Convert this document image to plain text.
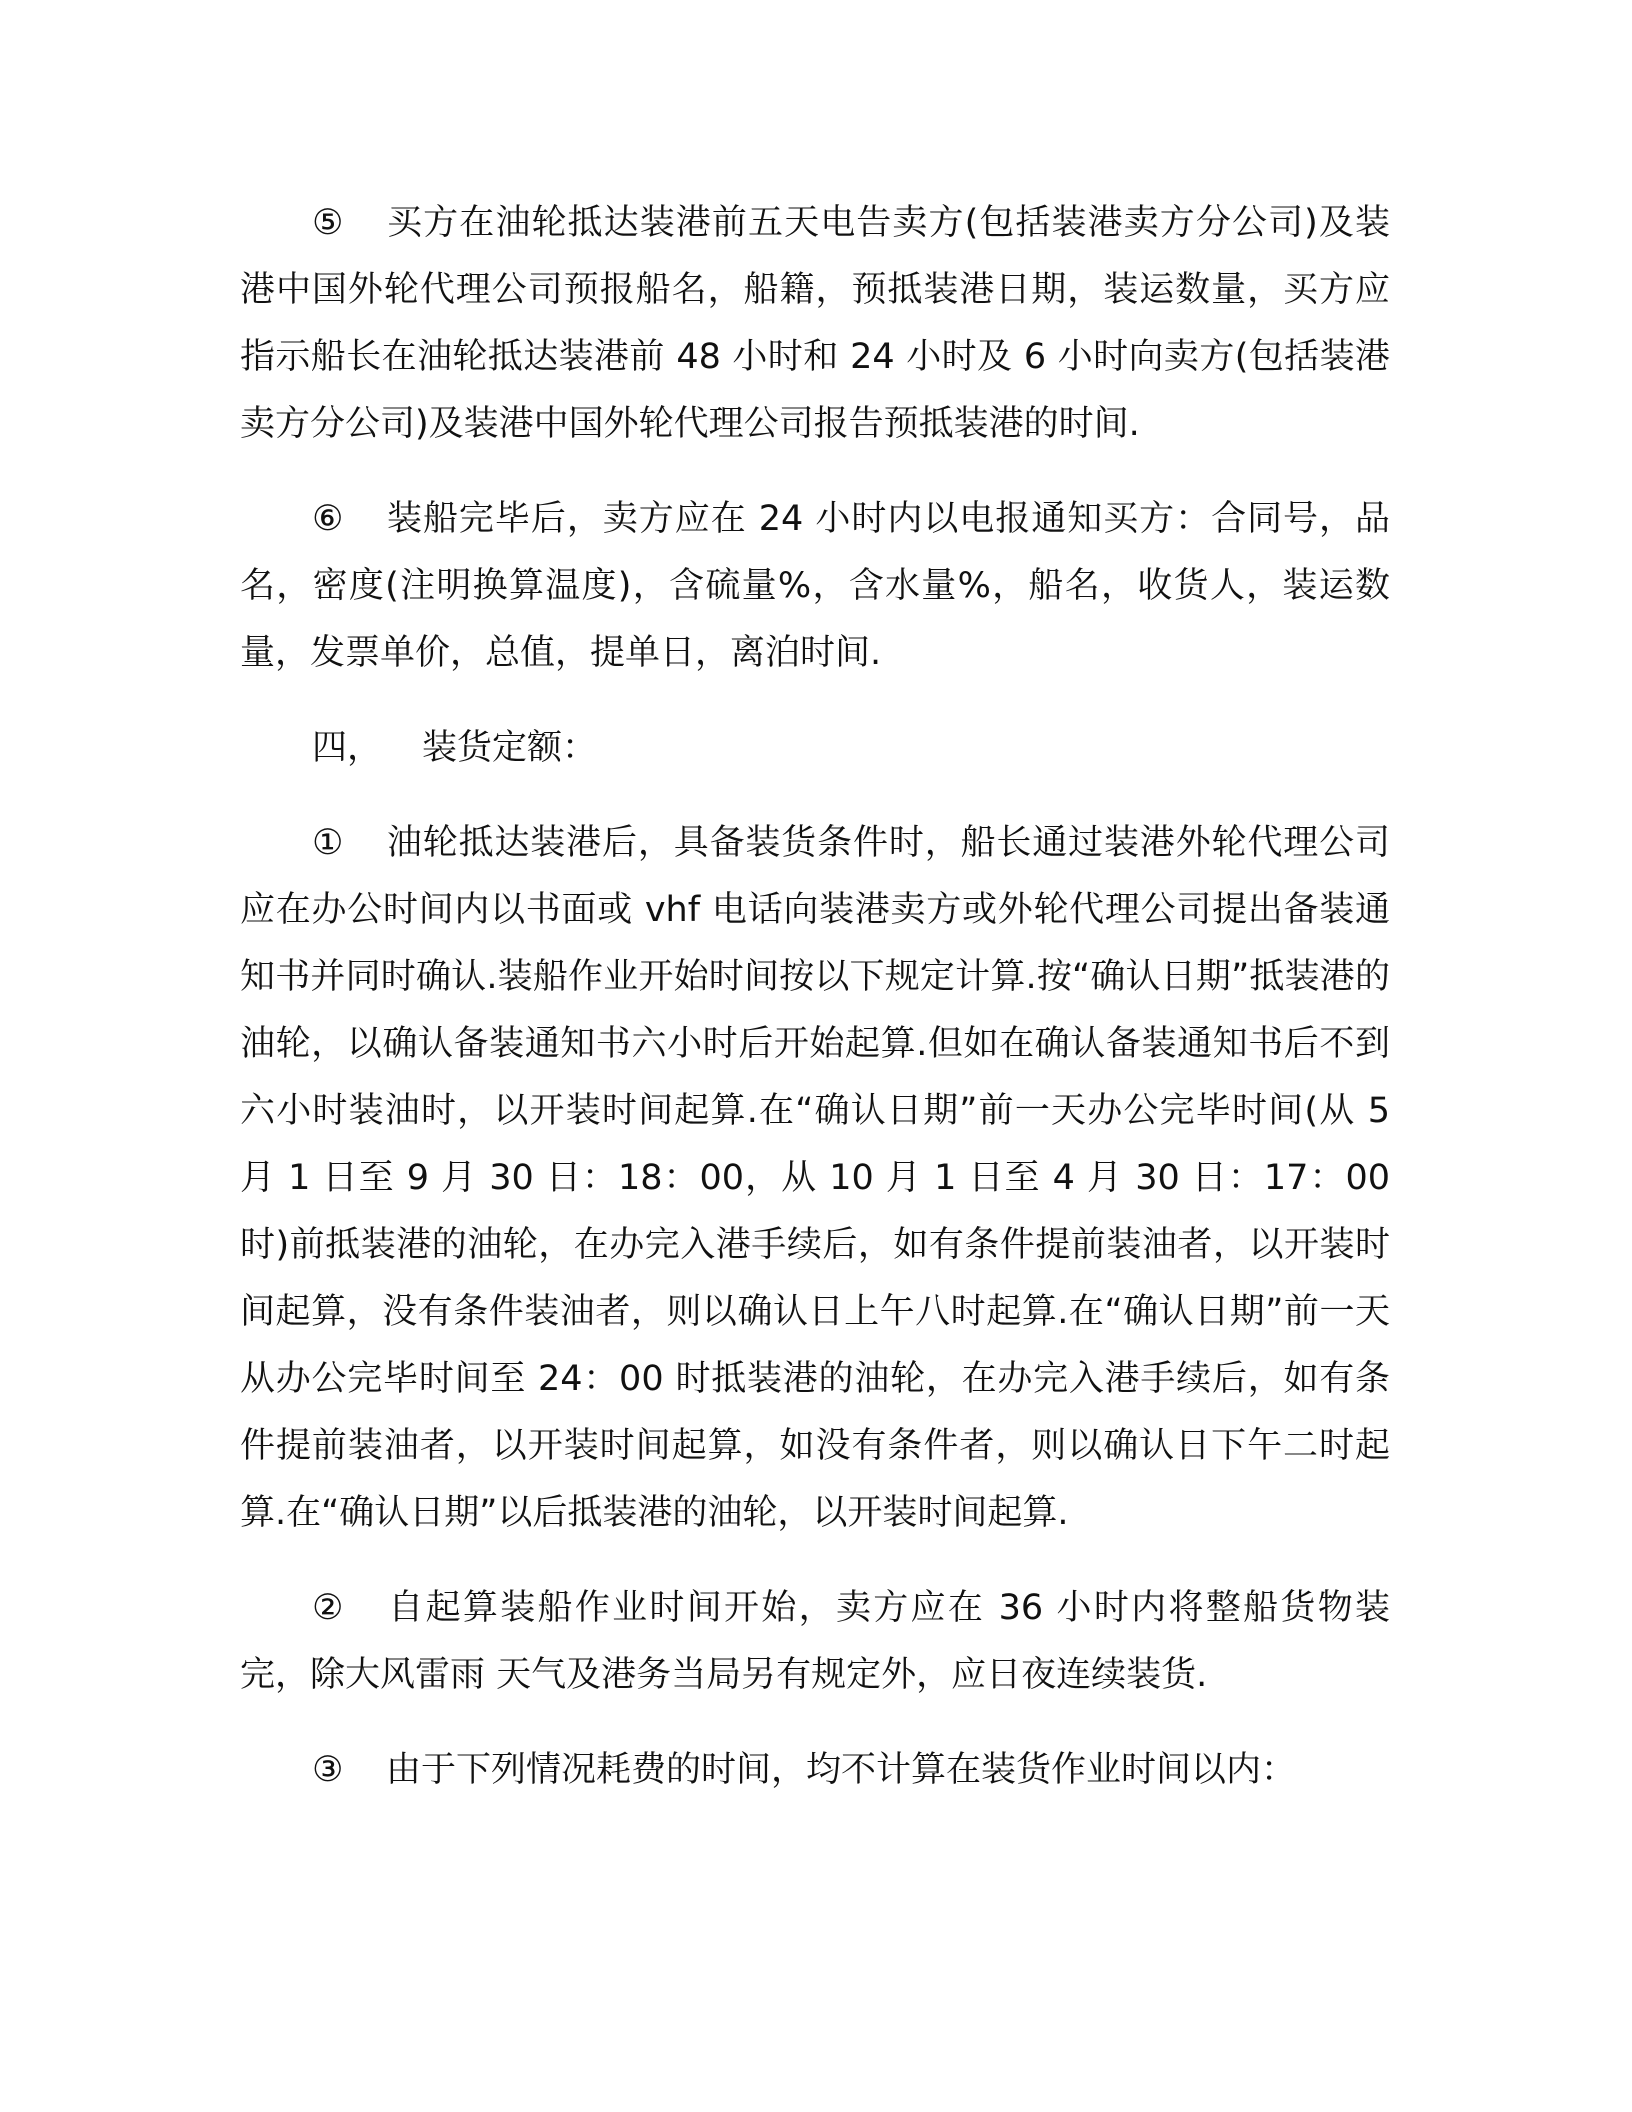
⑤ 买方在油轮抵达装港前五天电告卖方(包括装港卖方分公司)及装港中国外轮代理公司预报船名，船籍，预抵装港日期，装运数量，买方应指示船长在油轮抵达装港前 48 小时和 24 小时及 6 小时向卖方(包括装港卖方分公司)及装港中国外轮代理公司报告预抵装港的时间.

⑥ 装船完毕后，卖方应在 24 小时内以电报通知买方：合同号，品名，密度(注明换算温度)，含硫量%，含水量%，船名，收货人，装运数量，发票单价，总值，提单日，离泊时间.

四， 装货定额：

① 油轮抵达装港后，具备装货条件时，船长通过装港外轮代理公司应在办公时间内以书面或 vhf 电话向装港卖方或外轮代理公司提出备装通知书并同时确认.装船作业开始时间按以下规定计算.按“确认日期”抵装港的油轮，以确认备装通知书六小时后开始起算.但如在确认备装通知书后不到六小时装油时，以开装时间起算.在“确认日期”前一天办公完毕时间(从 5 月 1 日至 9 月 30 日：18：00，从 10 月 1 日至 4 月 30 日：17：00 时)前抵装港的油轮，在办完入港手续后，如有条件提前装油者，以开装时间起算，没有条件装油者，则以确认日上午八时起算.在“确认日期”前一天从办公完毕时间至 24：00 时抵装港的油轮，在办完入港手续后，如有条件提前装油者，以开装时间起算，如没有条件者，则以确认日下午二时起算.在“确认日期”以后抵装港的油轮，以开装时间起算.

② 自起算装船作业时间开始，卖方应在 36 小时内将整船货物装完，除大风雷雨 天气及港务当局另有规定外，应日夜连续装货.

③ 由于下列情况耗费的时间，均不计算在装货作业时间以内：
